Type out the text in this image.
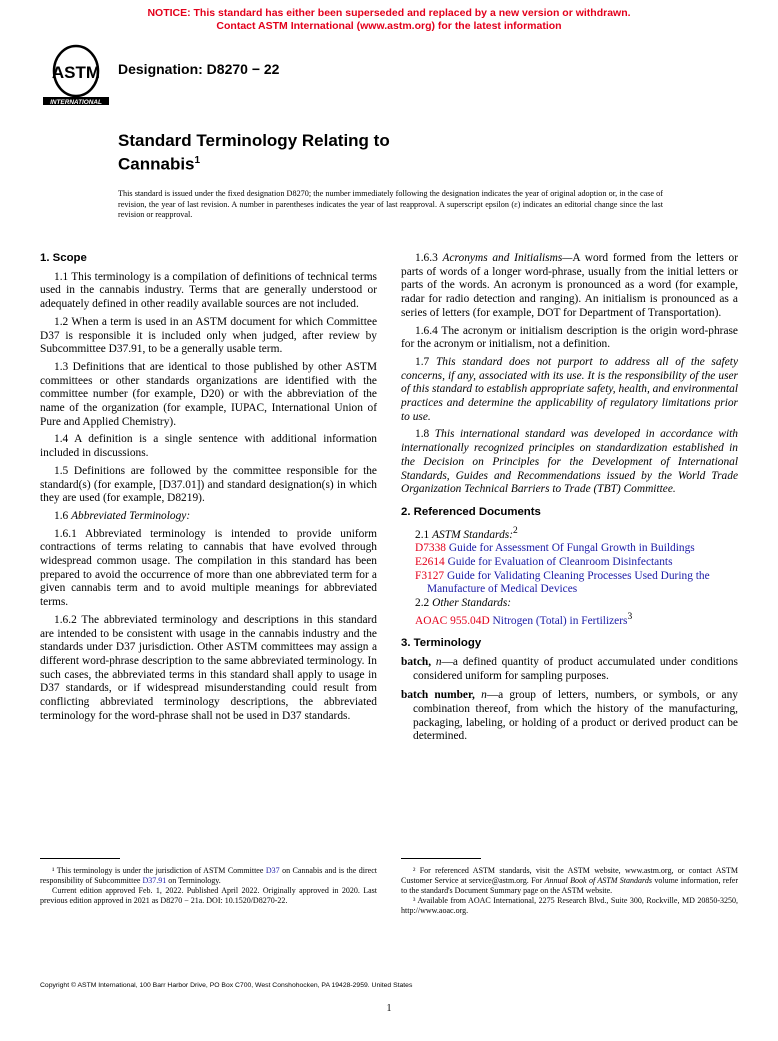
NOTICE: This standard has either been superseded and replaced by a new version or withdrawn.
Contact ASTM International (www.astm.org) for the latest information
ASTM
INTERNATIONAL
Designation: D8270 − 22
Standard Terminology Relating to
Cannabis$^1$
This standard is issued under the fixed designation D8270; the number immediately following the designation indicates the year of original adoption or, in the case of revision, the year of last revision. A number in parentheses indicates the year of last reapproval. A superscript epsilon (ε) indicates an editorial change since the last revision or reapproval.
1. Scope

1.1 This terminology is a compilation of definitions of technical terms used in the cannabis industry. Terms that are generally understood or adequately defined in other readily available sources are not included.

1.2 When a term is used in an ASTM document for which Committee D37 is responsible it is included only when judged, after review by Subcommittee D37.91, to be a generally usable term.

1.3 Definitions that are identical to those published by other ASTM committees or other standards organizations are identified with the committee number (for example, D20) or with the abbreviation of the name of the organization (for example, IUPAC, International Union of Pure and Applied Chemistry).

1.4 A definition is a single sentence with additional information included in discussions.

1.5 Definitions are followed by the committee responsible for the standard(s) (for example, [D37.01]) and standard designation(s) in which they are used (for example, D8219).

1.6 Abbreviated Terminology:

1.6.1 Abbreviated terminology is intended to provide uniform contractions of terms relating to cannabis that have evolved through widespread common usage. The compilation in this standard has been prepared to avoid the occurrence of more than one abbreviated term for a given cannabis term and to avoid multiple meanings for abbreviated terms.

1.6.2 The abbreviated terminology and descriptions in this standard are intended to be consistent with usage in the cannabis industry and the standards under D37 jurisdiction. Other ASTM committees may assign a different word-phrase description to the same abbreviated terminology. In such cases, the abbreviated terms in this standard shall apply to usage in D37 standards, or if widespread misunderstanding could result from conflicting abbreviated terminology descriptions, the abbreviated terminology for the word-phrase shall not be used in D37 standards.

1.6.3 Acronyms and Initialisms—A word formed from the letters or parts of words of a longer word-phrase, usually from the initial letters or parts of the words. An acronym is pronounced as a word (for example, radar for radio detection and ranging). An initialism is pronounced as a series of letters (for example, DOT for Department of Transportation).

1.6.4 The acronym or initialism description is the origin word-phrase for the acronym or initialism, not a definition.

1.7 This standard does not purport to address all of the safety concerns, if any, associated with its use. It is the responsibility of the user of this standard to establish appropriate safety, health, and environmental practices and determine the applicability of regulatory limitations prior to use.

1.8 This international standard was developed in accordance with internationally recognized principles on standardization established in the Decision on Principles for the Development of International Standards, Guides and Recommendations issued by the World Trade Organization Technical Barriers to Trade (TBT) Committee.

2. Referenced Documents

2.1 ASTM Standards:$^2$

D7338 Guide for Assessment Of Fungal Growth in Buildings
E2614 Guide for Evaluation of Cleanroom Disinfectants
F3127 Guide for Validating Cleaning Processes Used During the Manufacture of Medical Devices

2.2 Other Standards:

AOAC 955.04D Nitrogen (Total) in Fertilizers$^3$
3. Terminology
batch, n—a defined quantity of product accumulated under conditions considered uniform for sampling purposes.
batch number, n—a group of letters, numbers, or symbols, or any combination thereof, from which the history of the manufacturing, packaging, labeling, or holding of a product or derived product can be determined.

¹ This terminology is under the jurisdiction of ASTM Committee D37 on Cannabis and is the direct responsibility of Subcommittee D37.91 on Terminology.

Current edition approved Feb. 1, 2022. Published April 2022. Originally approved in 2020. Last previous edition approved in 2021 as D8270 − 21a. DOI: 10.1520/D8270-22.

² For referenced ASTM standards, visit the ASTM website, www.astm.org, or contact ASTM Customer Service at service@astm.org. For Annual Book of ASTM Standards volume information, refer to the standard's Document Summary page on the ASTM website.

³ Available from AOAC International, 2275 Research Blvd., Suite 300, Rockville, MD 20850-3250, http://www.aoac.org.

Copyright © ASTM International, 100 Barr Harbor Drive, PO Box C700, West Conshohocken, PA 19428-2959. United States
1
